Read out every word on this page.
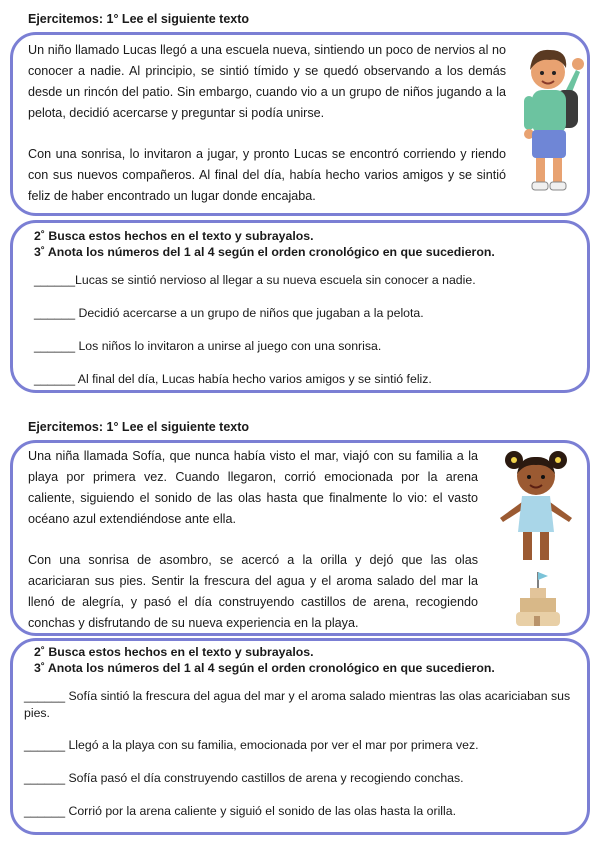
Ejercitemos: 1° Lee el siguiente texto

Un niño llamado Lucas llegó a una escuela nueva, sintiendo un poco de nervios al no conocer a nadie. Al principio, se sintió tímido y se quedó observando a los demás desde un rincón del patio. Sin embargo, cuando vio a un grupo de niños jugando a la pelota, decidió acercarse y preguntar si podía unirse.

Con una sonrisa, lo invitaron a jugar, y pronto Lucas se encontró corriendo y riendo con sus nuevos compañeros. Al final del día, había hecho varios amigos y se sintió feliz de haber encontrado un lugar donde encajaba.

2˚ Busca estos hechos en el texto y subrayalos.
3˚ Anota los números del 1 al 4 según el orden cronológico en que sucedieron.
______Lucas se sintió nervioso al llegar a su nueva escuela sin conocer a nadie.
______ Decidió acercarse a un grupo de niños que jugaban a la pelota.
______ Los niños lo invitaron a unirse al juego con una sonrisa.
______ Al final del día, Lucas había hecho varios amigos y se sintió feliz.
Ejercitemos: 1° Lee el siguiente texto

Una niña llamada Sofía, que nunca había visto el mar, viajó con su familia a la playa por primera vez. Cuando llegaron, corrió emocionada por la arena caliente, siguiendo el sonido de las olas hasta que finalmente lo vio: el vasto océano azul extendiéndose ante ella.

Con una sonrisa de asombro, se acercó a la orilla y dejó que las olas acariciaran sus pies. Sentir la frescura del agua y el aroma salado del mar la llenó de alegría, y pasó el día construyendo castillos de arena, recogiendo conchas y disfrutando de su nueva experiencia en la playa.

2˚ Busca estos hechos en el texto y subrayalos.
3˚ Anota los números del 1 al 4 según el orden cronológico en que sucedieron.
______ Sofía sintió la frescura del agua del mar y el aroma salado mientras las olas acariciaban sus pies.
______ Llegó a la playa con su familia, emocionada por ver el mar por primera vez.
______ Sofía pasó el día construyendo castillos de arena y recogiendo conchas.
______ Corrió por la arena caliente y siguió el sonido de las olas hasta la orilla.
